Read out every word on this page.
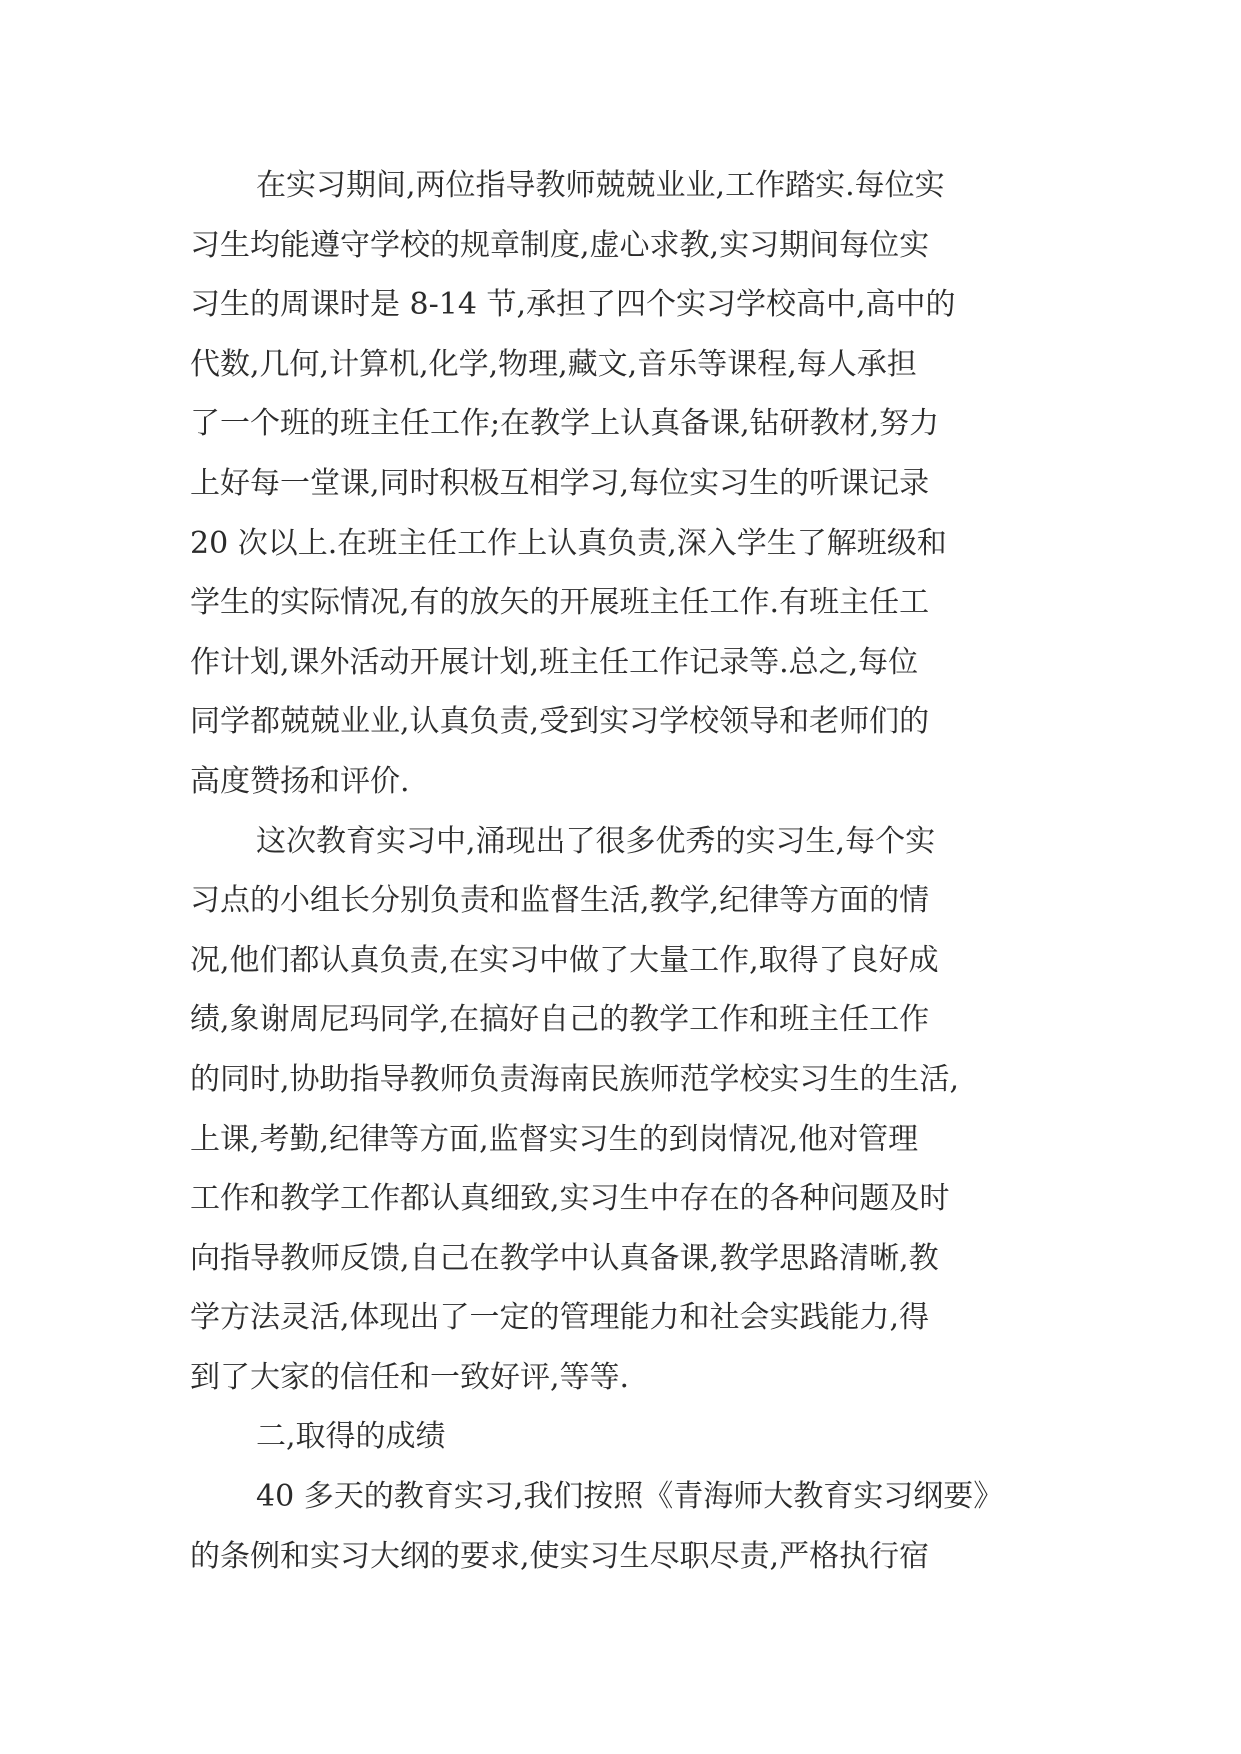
在实习期间,两位指导教师兢兢业业,工作踏实.每位实
习生均能遵守学校的规章制度,虚心求教,实习期间每位实
习生的周课时是 8-14 节,承担了四个实习学校高中,高中的
代数,几何,计算机,化学,物理,藏文,音乐等课程,每人承担
了一个班的班主任工作;在教学上认真备课,钻研教材,努力
上好每一堂课,同时积极互相学习,每位实习生的听课记录
20 次以上.在班主任工作上认真负责,深入学生了解班级和
学生的实际情况,有的放矢的开展班主任工作.有班主任工
作计划,课外活动开展计划,班主任工作记录等.总之,每位
同学都兢兢业业,认真负责,受到实习学校领导和老师们的
高度赞扬和评价.
这次教育实习中,涌现出了很多优秀的实习生,每个实
习点的小组长分别负责和监督生活,教学,纪律等方面的情
况,他们都认真负责,在实习中做了大量工作,取得了良好成
绩,象谢周尼玛同学,在搞好自己的教学工作和班主任工作
的同时,协助指导教师负责海南民族师范学校实习生的生活,
上课,考勤,纪律等方面,监督实习生的到岗情况,他对管理
工作和教学工作都认真细致,实习生中存在的各种问题及时
向指导教师反馈,自己在教学中认真备课,教学思路清晰,教
学方法灵活,体现出了一定的管理能力和社会实践能力,得
到了大家的信任和一致好评,等等.
二,取得的成绩
40 多天的教育实习,我们按照《青海师大教育实习纲要》
的条例和实习大纲的要求,使实习生尽职尽责,严格执行宿
